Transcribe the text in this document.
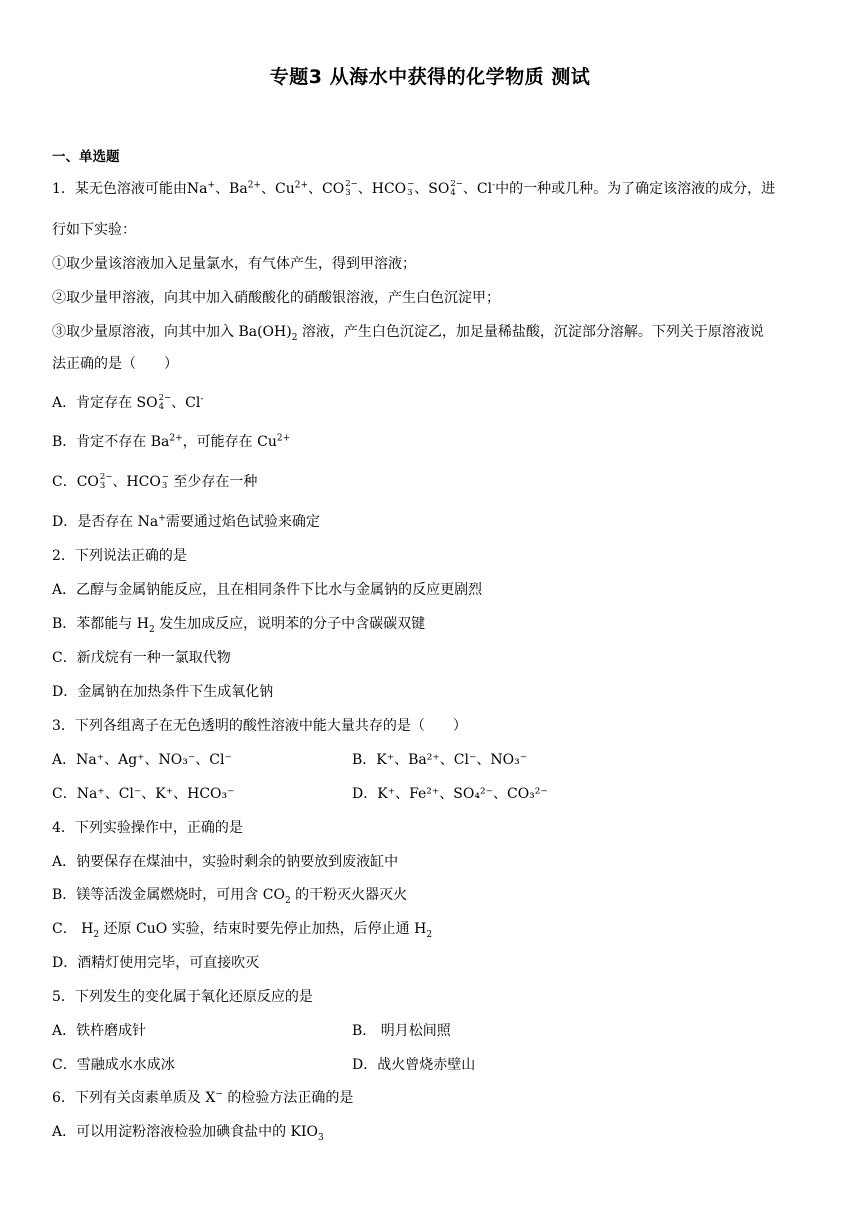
专题3 从海水中获得的化学物质 测试
一、单选题
1．某无色溶液可能由Na+、$Ba^{2+}$、$Cu^{2+}$、CO 2−
3 、HCO −
3 、SO 2−
4 、Cl-中的一种或几种。为了确定该溶液的成分，进
行如下实验：
①取少量该溶液加入足量氯水，有气体产生，得到甲溶液；
②取少量甲溶液，向其中加入硝酸酸化的硝酸银溶液，产生白色沉淀甲；
③取少量原溶液，向其中加入 $Ba(OH)_2$ 溶液，产生白色沉淀乙，加足量稀盐酸，沉淀部分溶解。下列关于原溶液说
法正确的是（　　）
A．肯定存在 SO 2−
4 、Cl-
B．肯定不存在 $Ba^{2+}$，可能存在 $Cu^{2+}$
C．CO 2−
3 、HCO −
3 至少存在一种
D．是否存在 Na+需要通过焰色试验来确定
2．下列说法正确的是
A．乙醇与金属钠能反应，且在相同条件下比水与金属钠的反应更剧烈
B．苯都能与 $H_2$ 发生加成反应，说明苯的分子中含碳碳双键
C．新戊烷有一种一氯取代物
D．金属钠在加热条件下生成氧化钠
3．下列各组离子在无色透明的酸性溶液中能大量共存的是（　　）
A．Na⁺、Ag⁺、NO₃⁻、Cl⁻	B．K⁺、Ba²⁺、Cl⁻、NO₃⁻
C．Na⁺、Cl⁻、K⁺、HCO₃⁻	D．K⁺、Fe²⁺、SO₄²⁻、CO₃²⁻
4．下列实验操作中，正确的是
A．钠要保存在煤油中，实验时剩余的钠要放到废液缸中
B．镁等活泼金属燃烧时，可用含 $CO_2$ 的干粉灭火器灭火
C． $H_2$ 还原 CuO 实验，结束时要先停止加热，后停止通 $H_2$
D．酒精灯使用完毕，可直接吹灭
5．下列发生的变化属于氧化还原反应的是
A．铁杵磨成针	B． 明月松间照
C．雪融成水水成冰	D．战火曾烧赤壁山
6．下列有关卤素单质及 X− 的检验方法正确的是
A．可以用淀粉溶液检验加碘食盐中的 $KIO_3$
